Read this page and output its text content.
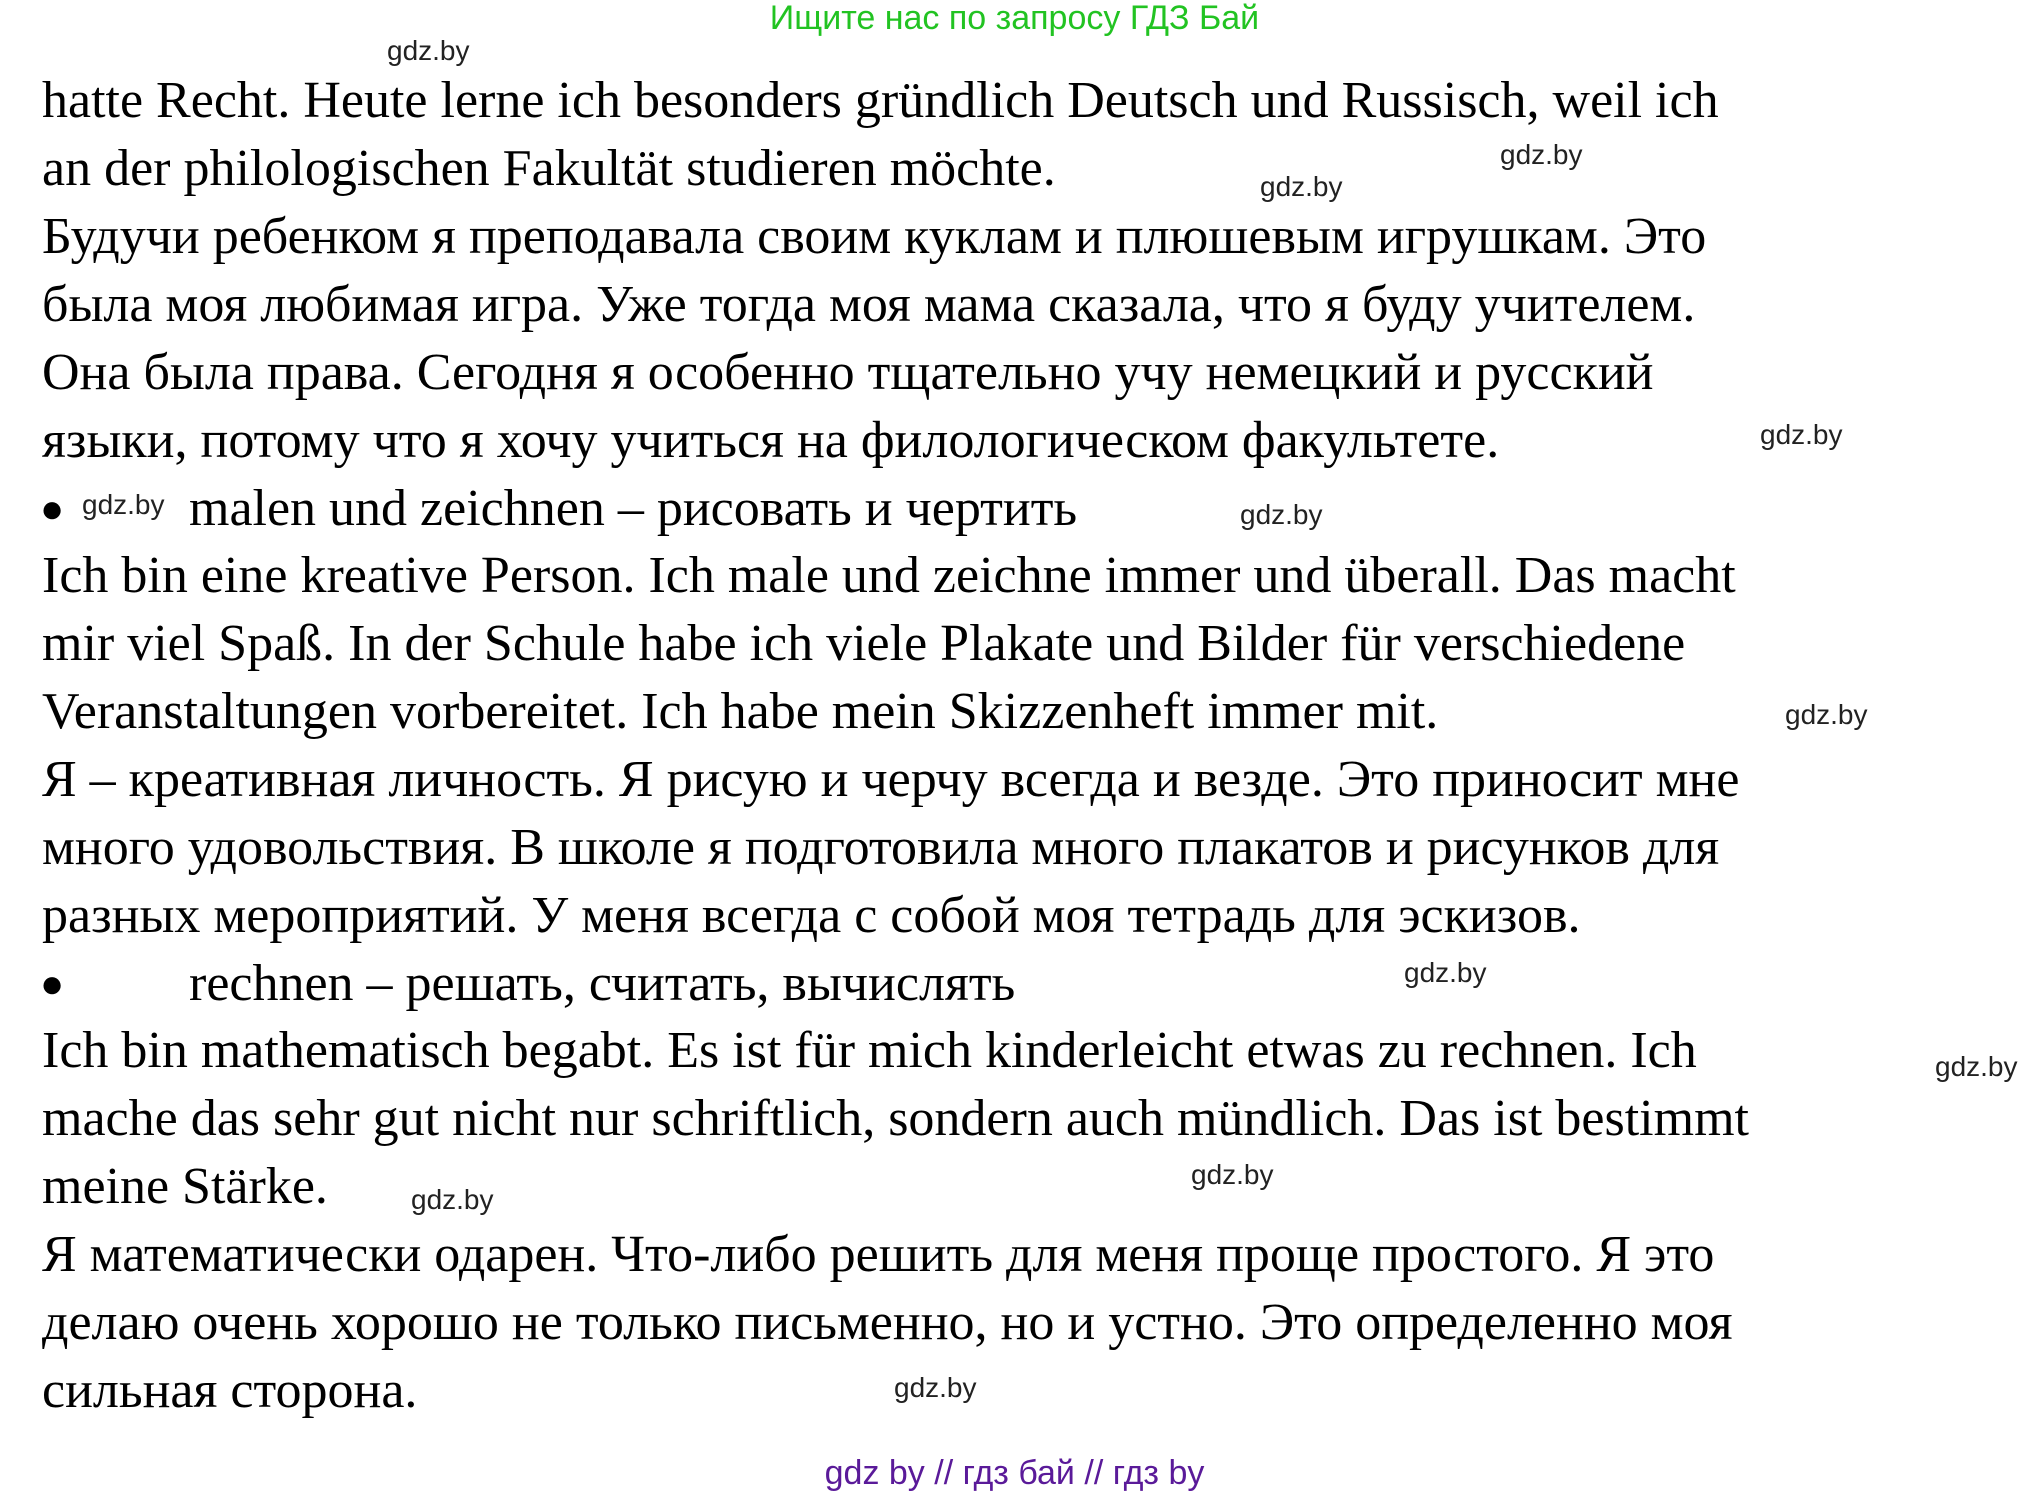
Ищите нас по запросу ГДЗ Бай
hatte Recht. Heute lerne ich besonders gründlich Deutsch und Russisch, weil ich
an der philologischen Fakultät studieren möchte.
Будучи ребенком я преподавала своим куклам и плюшевым игрушкам. Это
была моя любимая игра. Уже тогда моя мама сказала, что я буду учителем.
Она была права. Сегодня я особенно тщательно учу немецкий и русский
языки, потому что я хочу учиться на филологическом факультете.
● malen und zeichnen – рисовать и чертить
Ich bin eine kreative Person. Ich male und zeichne immer und überall. Das macht
mir viel Spaß. In der Schule habe ich viele Plakate und Bilder für verschiedene
Veranstaltungen vorbereitet. Ich habe mein Skizzenheft immer mit.
Я – креативная личность. Я рисую и черчу всегда и везде. Это приносит мне
много удовольствия. В школе я подготовила много плакатов и рисунков для
разных мероприятий. У меня всегда с собой моя тетрадь для эскизов.
● rechnen – решать, считать, вычислять
Ich bin mathematisch begabt. Es ist für mich kinderleicht etwas zu rechnen. Ich
mache das sehr gut nicht nur schriftlich, sondern auch mündlich. Das ist bestimmt
meine Stärke.
Я математически одарен. Что-либо решить для меня проще простого. Я это
делаю очень хорошо не только письменно, но и устно. Это определенно моя
сильная сторона.
gdz.by
gdz.by
gdz.by
gdz.by
gdz.by	gdz.by
gdz.by
gdz.by
gdz.by
gdz.by
gdz.by
gdz.by
gdz by // гдз бай // гдз by
